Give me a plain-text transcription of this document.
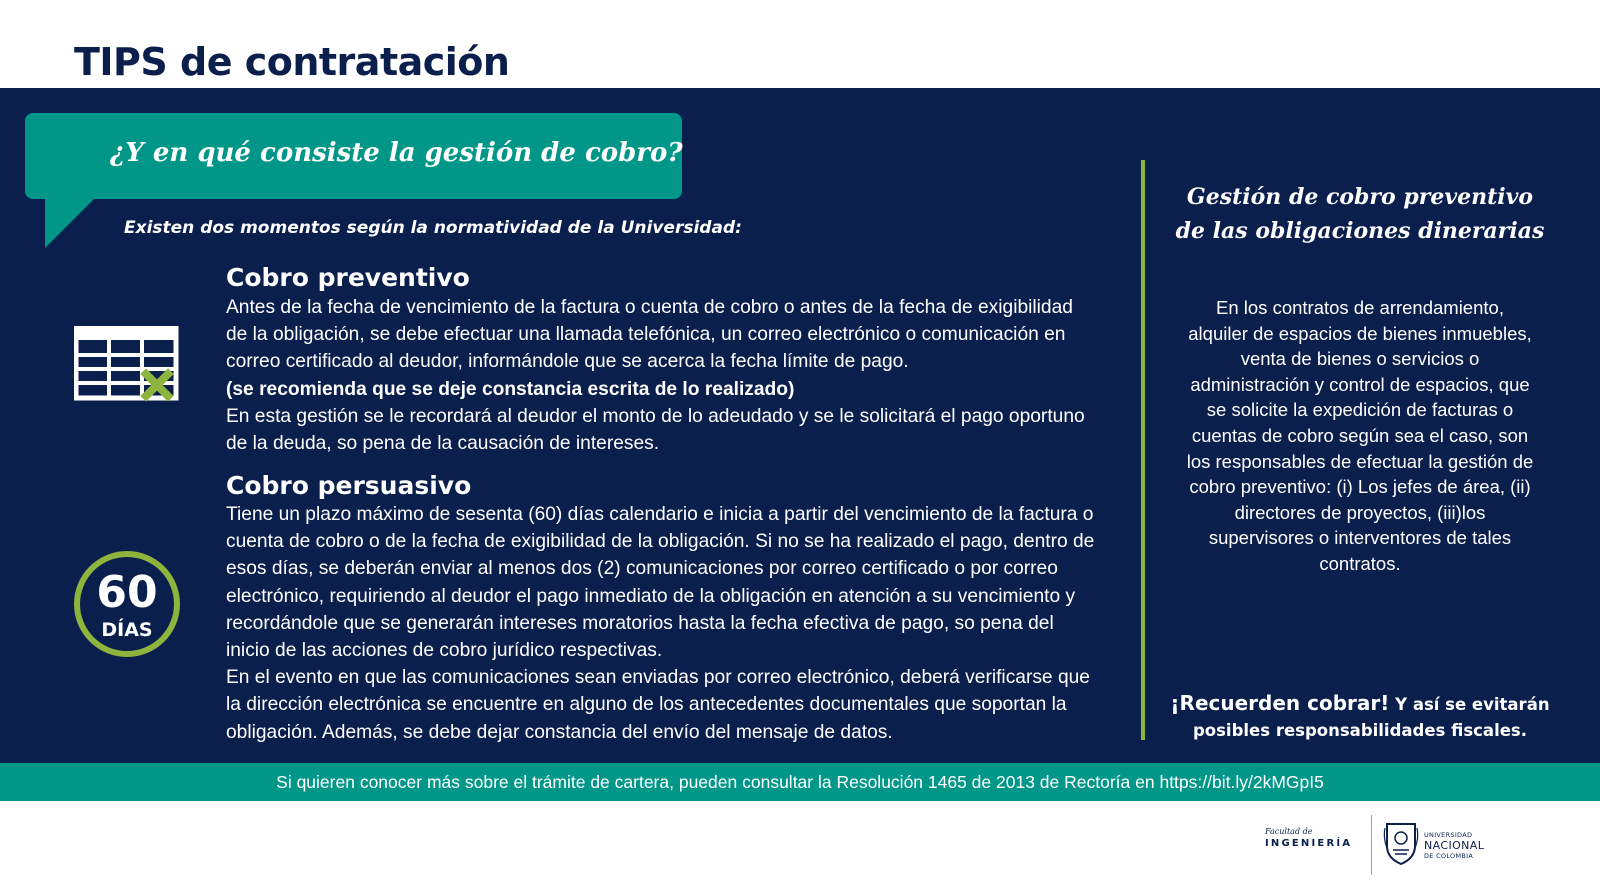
TIPS de contratación
¿Y en qué consiste la gestión de cobro?
Existen dos momentos según la normatividad de la Universidad:
Cobro preventivo

Antes de la fecha de vencimiento de la factura o cuenta de cobro o antes de la fecha de exigibilidad de la obligación, se debe efectuar una llamada telefónica, un correo electrónico o comunicación en correo certificado al deudor, informándole que se acerca la fecha límite de pago.

(se recomienda que se deje constancia escrita de lo realizado)

En esta gestión se le recordará al deudor el monto de lo adeudado y se le solicitará el pago oportuno de la deuda, so pena de la causación de intereses.

60
DÍAS
Cobro persuasivo

Tiene un plazo máximo de sesenta (60) días calendario e inicia a partir del vencimiento de la factura o cuenta de cobro o de la fecha de exigibilidad de la obligación. Si no se ha realizado el pago, dentro de esos días, se deberán enviar al menos dos (2) comunicaciones por correo certificado o por correo electrónico, requiriendo al deudor el pago inmediato de la obligación en atención a su vencimiento y recordándole que se generarán intereses moratorios hasta la fecha efectiva de pago, so pena del inicio de las acciones de cobro jurídico respectivas.

En el evento en que las comunicaciones sean enviadas por correo electrónico, deberá verificarse que la dirección electrónica se encuentre en alguno de los antecedentes documentales que soportan la obligación. Además, se debe dejar constancia del envío del mensaje de datos.

Gestión de cobro preventivo de las obligaciones dinerarias
En los contratos de arrendamiento, alquiler de espacios de bienes inmuebles, venta de bienes o servicios o administración y control de espacios, que se solicite la expedición de facturas o cuentas de cobro según sea el caso, son los responsables de efectuar la gestión de cobro preventivo: (i) Los jefes de área, (ii) directores de proyectos, (iii)los supervisores o interventores de tales contratos.
¡Recuerden cobrar! Y así se evitarán posibles responsabilidades fiscales.
Si quieren conocer más sobre el trámite de cartera, pueden consultar la Resolución 1465 de 2013 de Rectoría en https://bit.ly/2kMGpI5
Facultad de
INGENIERÍA
UNIVERSIDAD
NACIONAL
DE COLOMBIA
